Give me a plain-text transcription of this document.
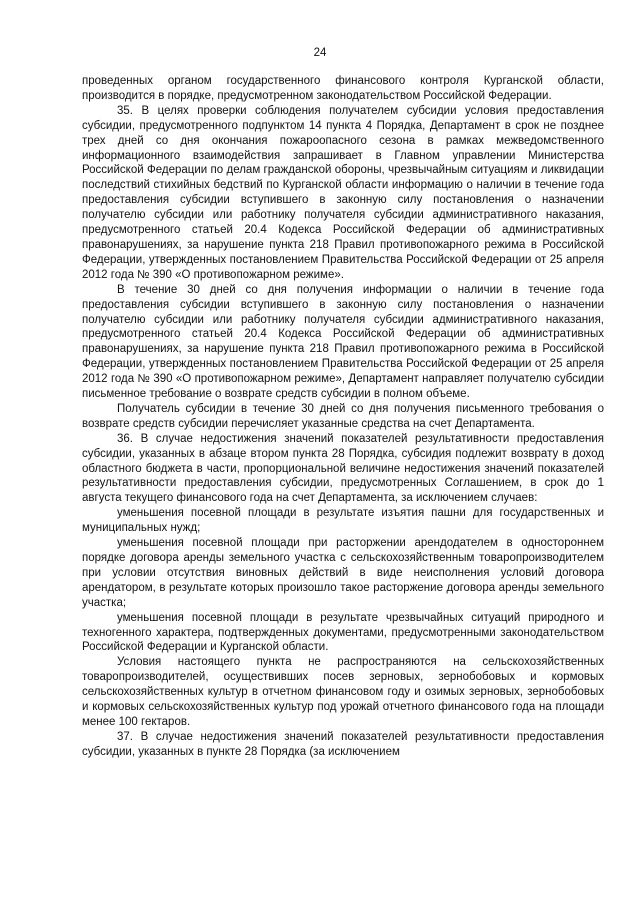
24

проведенных органом государственного финансового контроля Курганской области, производится в порядке, предусмотренном законодательством Российской Федерации.

35. В целях проверки соблюдения получателем субсидии условия предоставления субсидии, предусмотренного подпунктом 14 пункта 4 Порядка, Департамент в срок не позднее трех дней со дня окончания пожароопасного сезона в рамках межведомственного информационного взаимодействия запрашивает в Главном управлении Министерства Российской Федерации по делам гражданской обороны, чрезвычайным ситуациям и ликвидации последствий стихийных бедствий по Курганской области информацию о наличии в течение года предоставления субсидии вступившего в законную силу постановления о назначении получателю субсидии или работнику получателя субсидии административного наказания, предусмотренного статьей 20.4 Кодекса Российской Федерации об административных правонарушениях, за нарушение пункта 218 Правил противопожарного режима в Российской Федерации, утвержденных постановлением Правительства Российской Федерации от 25 апреля 2012 года № 390 «О противопожарном режиме».

В течение 30 дней со дня получения информации о наличии в течение года предоставления субсидии вступившего в законную силу постановления о назначении получателю субсидии или работнику получателя субсидии административного наказания, предусмотренного статьей 20.4 Кодекса Российской Федерации об административных правонарушениях, за нарушение пункта 218 Правил противопожарного режима в Российской Федерации, утвержденных постановлением Правительства Российской Федерации от 25 апреля 2012 года № 390 «О противопожарном режиме», Департамент направляет получателю субсидии письменное требование о возврате средств субсидии в полном объеме.

Получатель субсидии в течение 30 дней со дня получения письменного требования о возврате средств субсидии перечисляет указанные средства на счет Департамента.

36. В случае недостижения значений показателей результативности предоставления субсидии, указанных в абзаце втором пункта 28 Порядка, субсидия подлежит возврату в доход областного бюджета в части, пропорциональной величине недостижения значений показателей результативности предоставления субсидии, предусмотренных Соглашением, в срок до 1 августа текущего финансового года на счет Департамента, за исключением случаев:

уменьшения посевной площади в результате изъятия пашни для государственных и муниципальных нужд;

уменьшения посевной площади при расторжении арендодателем в одностороннем порядке договора аренды земельного участка с сельскохозяйственным товаропроизводителем при условии отсутствия виновных действий в виде неисполнения условий договора арендатором, в результате которых произошло такое расторжение договора аренды земельного участка;

уменьшения посевной площади в результате чрезвычайных ситуаций природного и техногенного характера, подтвержденных документами, предусмотренными законодательством Российской Федерации и Курганской области.

Условия настоящего пункта не распространяются на сельскохозяйственных товаропроизводителей, осуществивших посев зерновых, зернобобовых и кормовых сельскохозяйственных культур в отчетном финансовом году и озимых зерновых, зернобобовых и кормовых сельскохозяйственных культур под урожай отчетного финансового года на площади менее 100 гектаров.

37. В случае недостижения значений показателей результативности предоставления субсидии, указанных в пункте 28 Порядка (за исключением
